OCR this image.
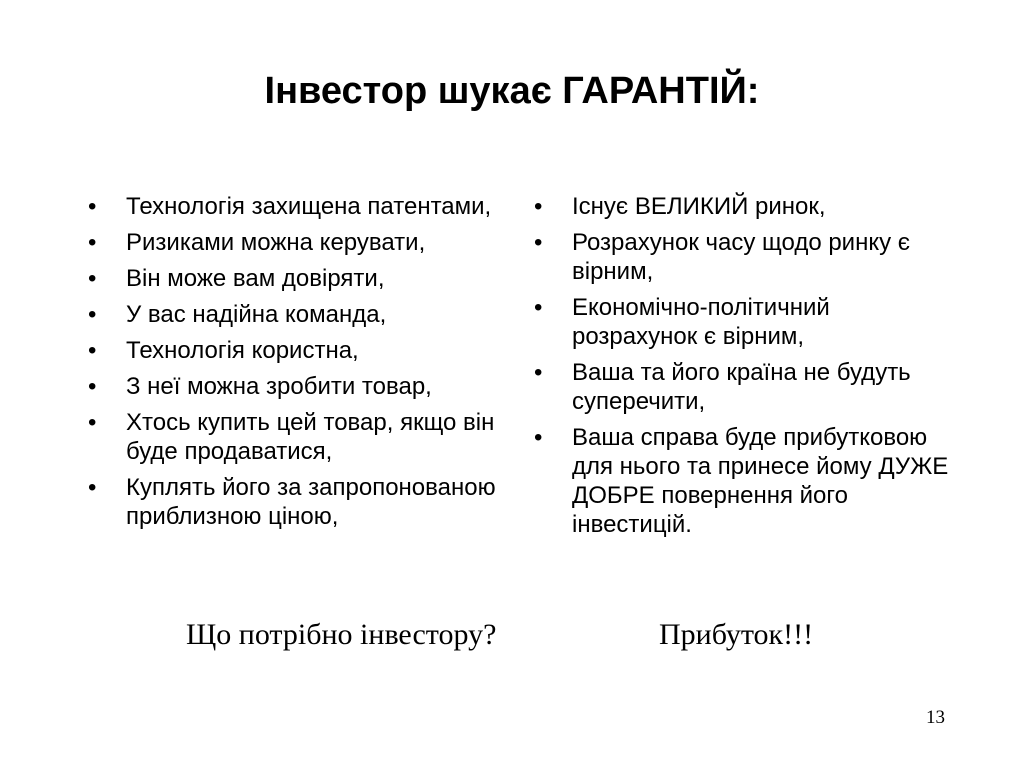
Інвестор шукає ГАРАНТІЙ:
• Технологія захищена патентами,
• Ризиками можна керувати,
• Він може вам довіряти,
• У вас надійна команда,
• Технологія користна,
• З неї можна зробити товар,
• Хтось купить цей товар, якщо він буде продаватися,
• Куплять його за запропонованою приблизною ціною,
• Існує ВЕЛИКИЙ ринок,
• Розрахунок часу щодо ринку є вірним,
• Економічно-політичний розрахунок є вірним,
• Ваша та його країна не будуть суперечити,
• Ваша справа буде прибутковою для нього та принесе йому ДУЖЕ ДОБРЕ повернення його інвестицій.

Що потрібно інвестору?	Прибуток!!!

13
